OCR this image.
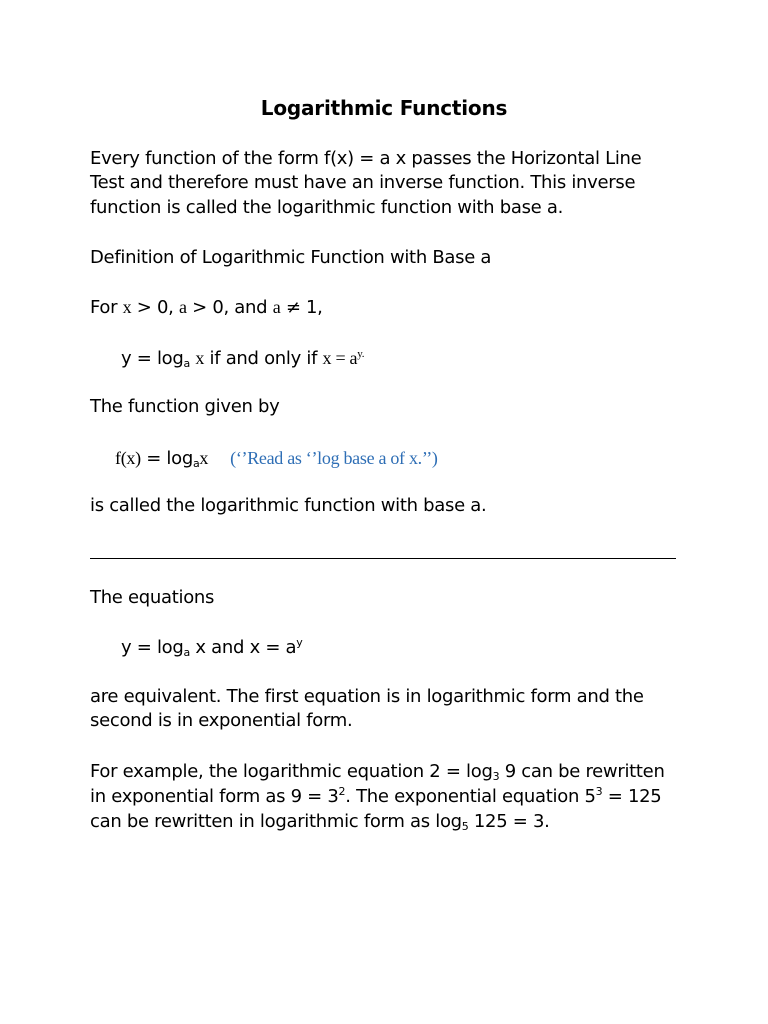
Logarithmic Functions
Every function of the form f(x) = a x passes the Horizontal Line
Test and therefore must have an inverse function. This inverse
function is called the logarithmic function with base a.
Definition of Logarithmic Function with Base a
For x > 0, a > 0, and a ≠ 1,
$y = \log_a x$ if and only if $x = a^{y.}$
The function given by
$f(x) = \log_ax$ (‘’Read as ‘’log base a of x.’’)
is called the logarithmic function with base a.
The equations
$y = \log_a x$ and $x = a^y$
are equivalent. The first equation is in logarithmic form and the
second is in exponential form.
For example, the logarithmic equation $2 = \log_3 9$ can be rewritten
in exponential form as $9 = 3^2$. The exponential equation $5^3 = 125$
can be rewritten in logarithmic form as $\log_5 125 = 3$.
